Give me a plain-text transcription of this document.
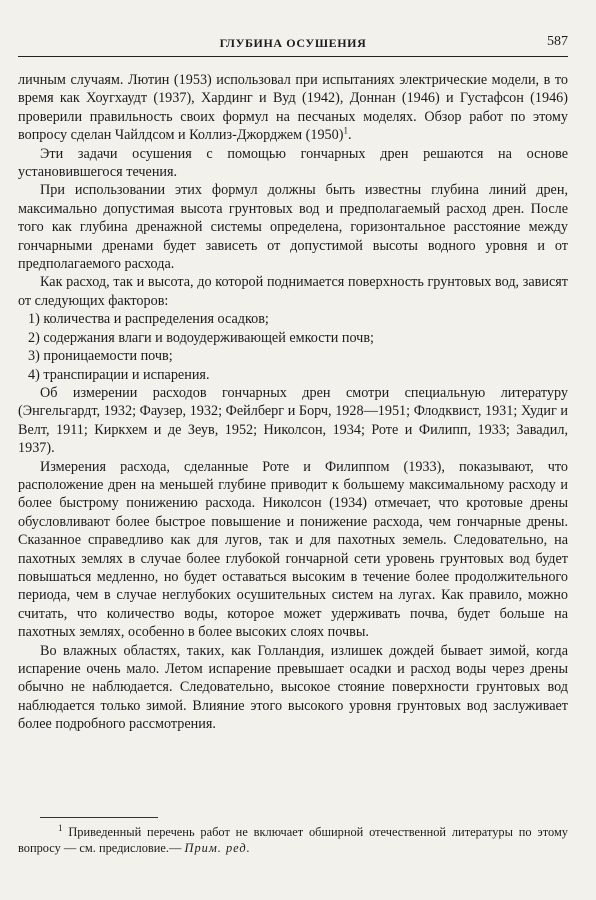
ГЛУБИНА ОСУШЕНИЯ	587

личным случаям. Лютин (1953) использовал при испытаниях электрические модели, в то время как Хоугхаудт (1937), Хардинг и Вуд (1942), Доннан (1946) и Густафсон (1946) проверили правильность своих формул на песчаных моделях. Обзор работ по этому вопросу сделан Чайлдсом и Коллиз-Джорджем $(1950)^1$.

Эти задачи осушения с помощью гончарных дрен решаются на основе установившегося течения.

При использовании этих формул должны быть известны глубина линий дрен, максимально допустимая высота грунтовых вод и предполагаемый расход дрен. После того как глубина дренажной системы определена, горизонтальное расстояние между гончарными дренами будет зависеть от допустимой высоты водного уровня и от предполагаемого расхода.

Как расход, так и высота, до которой поднимается поверхность грунтовых вод, зависят от следующих факторов:

1) количества и распределения осадков;
2) содержания влаги и водоудерживающей емкости почв;
3) проницаемости почв;
4) транспирации и испарения.

Об измерении расходов гончарных дрен смотри специальную литературу (Энгельгардт, 1932; Фаузер, 1932; Фейлберг и Борч, 1928—1951; Флодквист, 1931; Худиг и Велт, 1911; Киркхем и де Зеув, 1952; Николсон, 1934; Роте и Филипп, 1933; Завадил, 1937).

Измерения расхода, сделанные Роте и Филиппом (1933), показывают, что расположение дрен на меньшей глубине приводит к большему максимальному расходу и более быстрому понижению расхода. Николсон (1934) отмечает, что кротовые дрены обусловливают более быстрое повышение и понижение расхода, чем гончарные дрены. Сказанное справедливо как для лугов, так и для пахотных земель. Следовательно, на пахотных землях в случае более глубокой гончарной сети уровень грунтовых вод будет повышаться медленно, но будет оставаться высоким в течение более продолжительного периода, чем в случае неглубоких осушительных систем на лугах. Как правило, можно считать, что количество воды, которое может удерживать почва, будет больше на пахотных землях, особенно в более высоких слоях почвы.

Во влажных областях, таких, как Голландия, излишек дождей бывает зимой, когда испарение очень мало. Летом испарение превышает осадки и расход воды через дрены обычно не наблюдается. Следовательно, высокое стояние поверхности грунтовых вод наблюдается только зимой. Влияние этого высокого уровня грунтовых вод заслуживает более подробного рассмотрения.

$^1$ Приведенный перечень работ не включает обширной отечественной литературы по этому вопросу — см. предисловие.— Прим. ред.
